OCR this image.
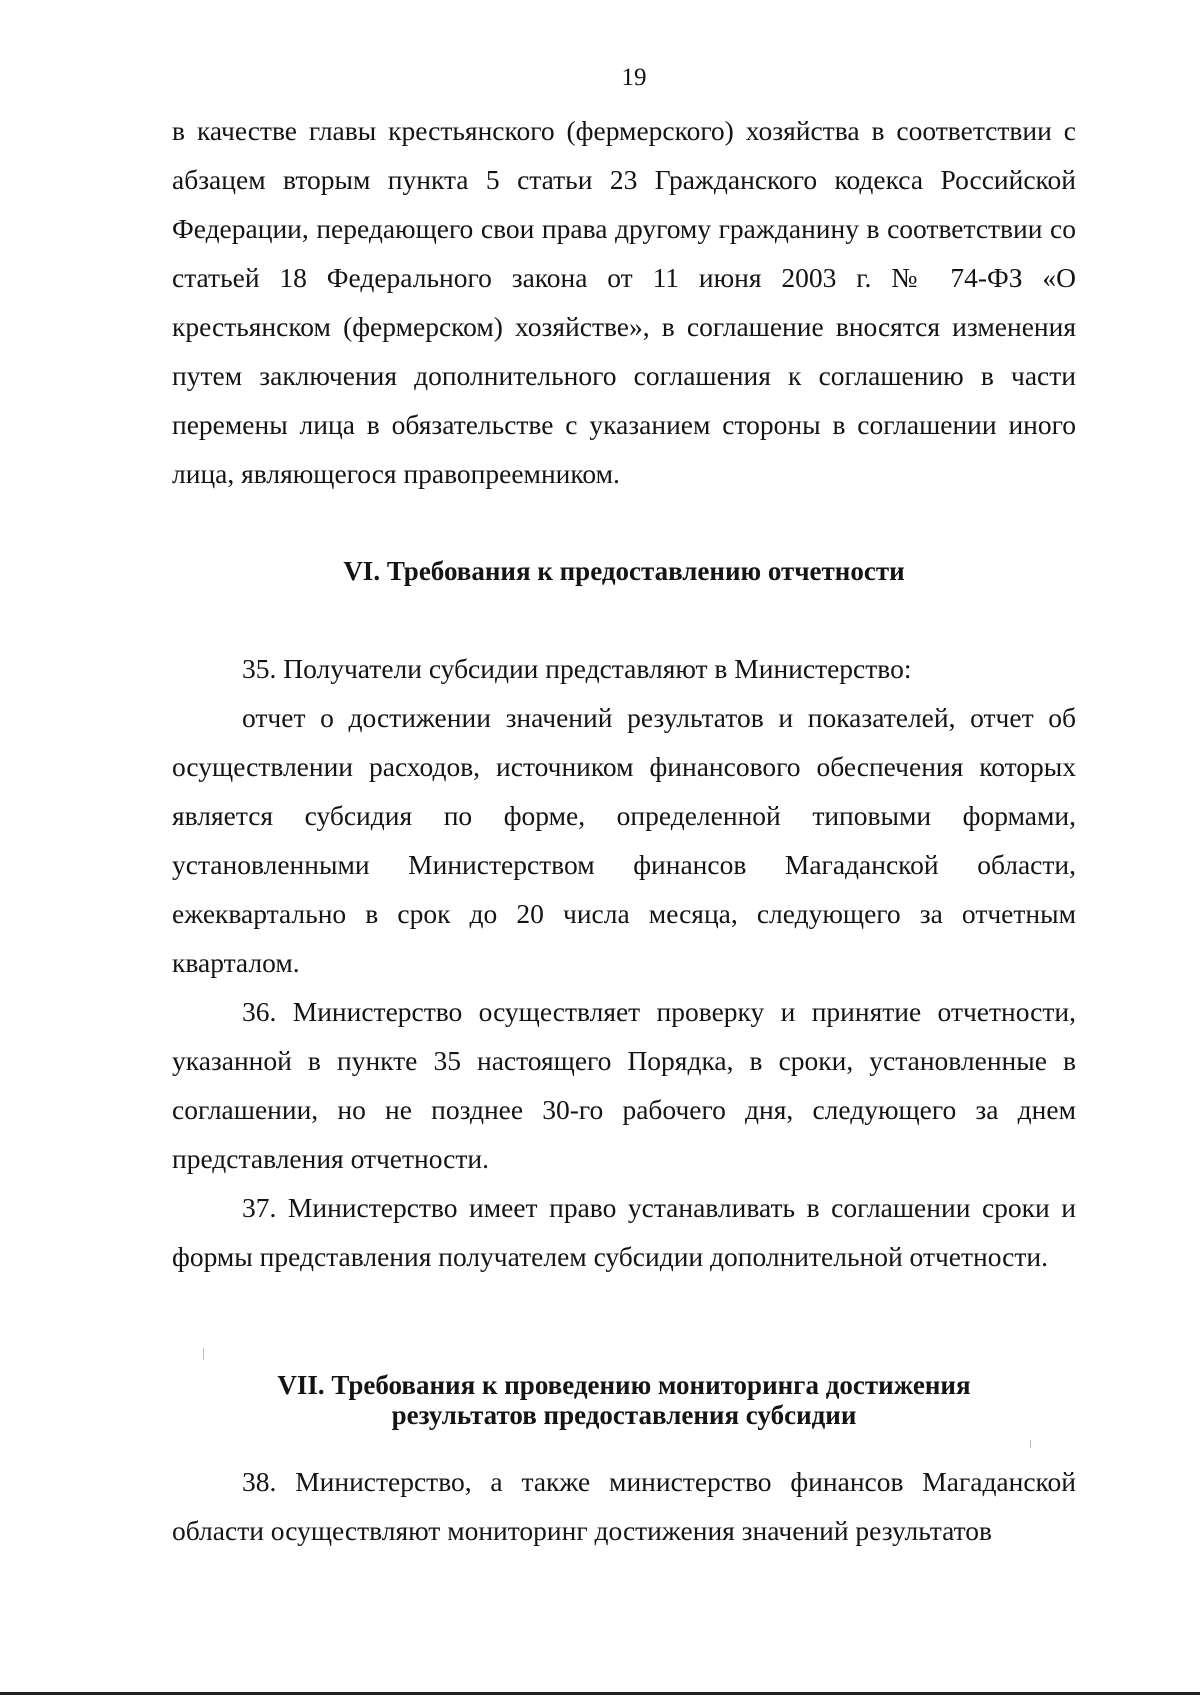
19

в качестве главы крестьянского (фермерского) хозяйства в соответствии с абзацем вторым пункта 5 статьи 23 Гражданского кодекса Российской Федерации, передающего свои права другому гражданину в соответствии со статьей 18 Федерального закона от 11 июня 2003 г. № 74-ФЗ «О крестьянском (фермерском) хозяйстве», в соглашение вносятся изменения путем заключения дополнительного соглашения к соглашению в части перемены лица в обязательстве с указанием стороны в соглашении иного лица, являющегося правопреемником.

VI. Требования к предоставлению отчетности

35. Получатели субсидии представляют в Министерство:

отчет о достижении значений результатов и показателей, отчет об осуществлении расходов, источником финансового обеспечения которых является субсидия по форме, определенной типовыми формами, установленными Министерством финансов Магаданской области, ежеквартально в срок до 20 числа месяца, следующего за отчетным кварталом.

36. Министерство осуществляет проверку и принятие отчетности, указанной в пункте 35 настоящего Порядка, в сроки, установленные в соглашении, но не позднее 30-го рабочего дня, следующего за днем представления отчетности.

37. Министерство имеет право устанавливать в соглашении сроки и формы представления получателем субсидии дополнительной отчетности.

VII. Требования к проведению мониторинга достижения
результатов предоставления субсидии

38. Министерство, а также министерство финансов Магаданской области осуществляют мониторинг достижения значений результатов
